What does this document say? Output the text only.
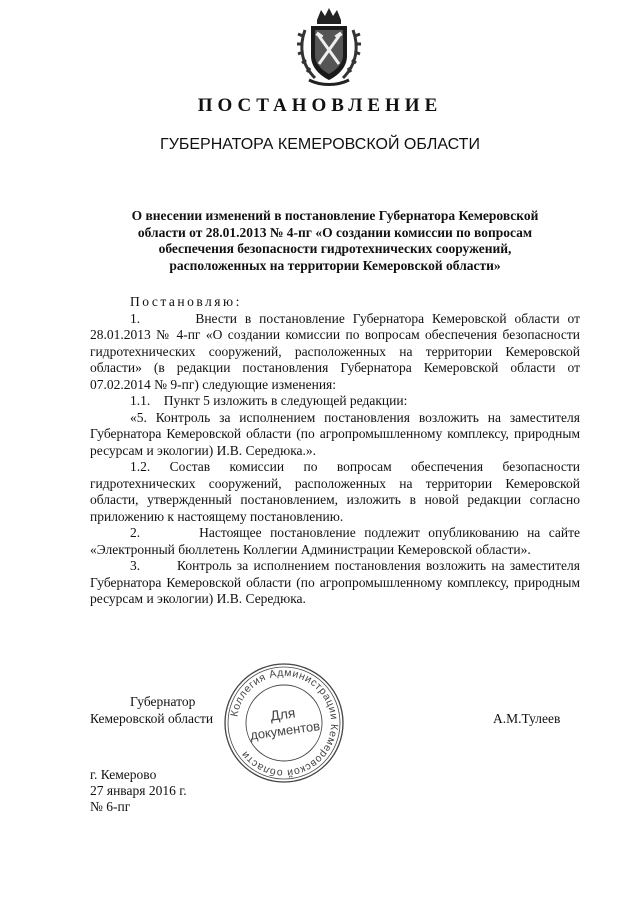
ПОСТАНОВЛЕНИЕ
ГУБЕРНАТОРА КЕМЕРОВСКОЙ ОБЛАСТИ
О внесении изменений в постановление Губернатора Кемеровской
области от 28.01.2013 № 4-пг «О создании комиссии по вопросам
обеспечения безопасности гидротехнических сооружений,
расположенных на территории Кемеровской области»

Постановляю:

1.       Внести в постановление Губернатора Кемеровской области от 28.01.2013 № 4-пг «О создании комиссии по вопросам обеспечения безопасности гидротехнических сооружений, расположенных на территории Кемеровской области» (в редакции постановления Губернатора Кемеровской области от 07.02.2014 № 9-пг) следующие изменения:

1.1.    Пункт 5 изложить в следующей редакции:

«5. Контроль за исполнением постановления возложить на заместителя Губернатора Кемеровской области (по агропромышленному комплексу, природным ресурсам и экологии) И.В. Середюка.».

1.2. Состав комиссии по вопросам обеспечения безопасности гидротехнических сооружений, расположенных на территории Кемеровской области, утвержденный постановлением, изложить в новой редакции согласно приложению к настоящему постановлению.

2.       Настоящее постановление подлежит опубликованию на сайте «Электронный бюллетень Коллегии Администрации Кемеровской области».

3.       Контроль за исполнением постановления возложить на заместителя Губернатора Кемеровской области (по агропромышленному комплексу, природным ресурсам и экологии) И.В. Середюка.

Губернатор
Кемеровской области	А.М.Тулеев
Коллегия Администрации Кемеровской области
Для
документов
г. Кемерово
27 января 2016 г.
№ 6-пг
